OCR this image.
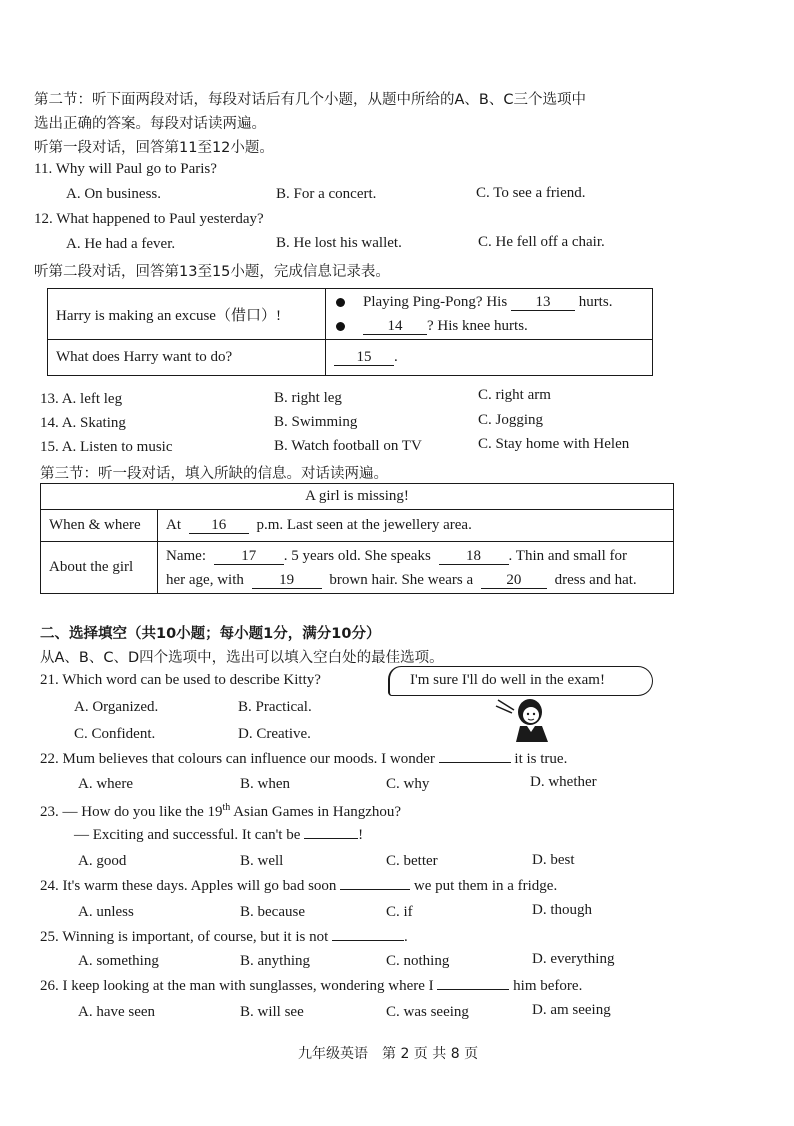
第二节：听下面两段对话，每段对话后有几个小题，从题中所给的A、B、C三个选项中
选出正确的答案。每段对话读两遍。
听第一段对话，回答第11至12小题。
11. Why will Paul go to Paris?
A. On business.	B. For a concert.	C. To see a friend.
12. What happened to Paul yesterday?
A. He had a fever.	B. He lost his wallet.	C. He fell off a chair.
听第二段对话，回答第13至15小题，完成信息记录表。
Harry is making an excuse（借口）!	Playing Ping-Pong? His 13 hurts.
14 ? His knee hurts.

What does Harry want to do?	15 .
13. A. left leg	B. right leg	C. right arm
14. A. Skating	B. Swimming	C. Jogging
15. A. Listen to music	B. Watch football on TV	C. Stay home with Helen
第三节：听一段对话，填入所缺的信息。对话读两遍。
A girl is missing!	
When & where	At 16 p.m. Last seen at the jewellery area.
About the girl	Name: 17 . 5 years old. She speaks 18 . Thin and small for
her age, with 19 brown hair. She wears a 20 dress and hat.
二、选择填空（共10小题；每小题1分，满分10分）
从A、B、C、D四个选项中，选出可以填入空白处的最佳选项。
21. Which word can be used to describe Kitty?	I'm sure I'll do well in the exam!
A. Organized.	B. Practical.
C. Confident.	D. Creative.
22. Mum believes that colours can influence our moods. I wonder	it is true.
A. where	B. when	C. why	D. whether
23. — How do you like the 19th Asian Games in Hangzhou?
— Exciting and successful. It can't be	!
A. good	B. well	C. better	D. best
24. It's warm these days. Apples will go bad soon	we put them in a fridge.
A. unless	B. because	C. if	D. though
25. Winning is important, of course, but it is not	.
A. something	B. anything	C. nothing	D. everything
26. I keep looking at the man with sunglasses, wondering where I	him before.
A. have seen	B. will see	C. was seeing	D. am seeing
九年级英语　第 2 页 共 8 页
